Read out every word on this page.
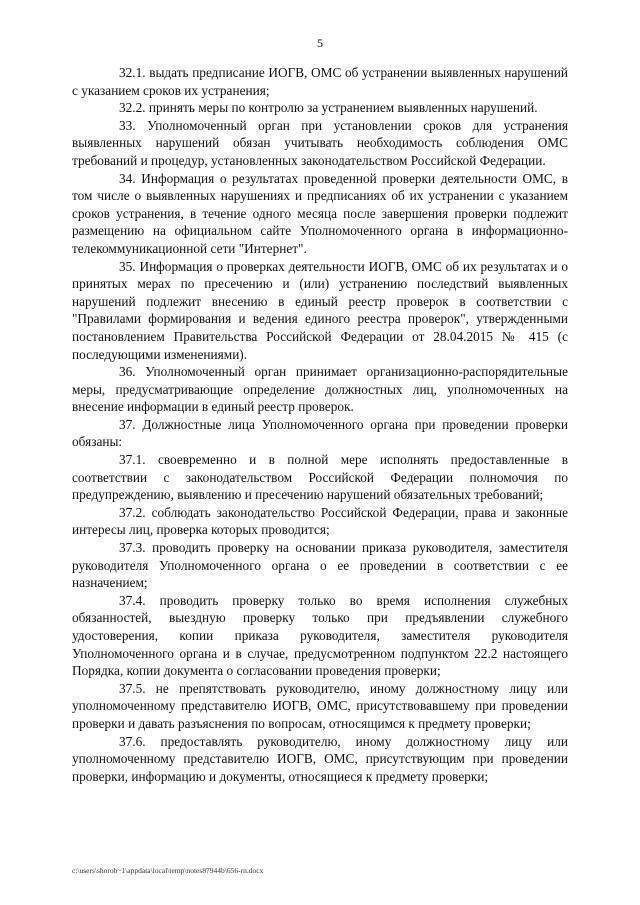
5

32.1. выдать предписание ИОГВ, ОМС об устранении выявленных нарушений с указанием сроков их устранения;

32.2. принять меры по контролю за устранением выявленных нарушений.

33. Уполномоченный орган при установлении сроков для устранения выявленных нарушений обязан учитывать необходимость соблюдения ОМС требований и процедур, установленных законодательством Российской Федерации.

34. Информация о результатах проведенной проверки деятельности ОМС, в том числе о выявленных нарушениях и предписаниях об их устранении с указанием сроков устранения, в течение одного месяца после завершения проверки подлежит размещению на официальном сайте Уполномоченного органа в информационно-телекоммуникационной сети "Интернет".

35. Информация о проверках деятельности ИОГВ, ОМС об их результатах и о принятых мерах по пресечению и (или) устранению последствий выявленных нарушений подлежит внесению в единый реестр проверок в соответствии с "Правилами формирования и ведения единого реестра проверок", утвержденными постановлением Правительства Российской Федерации от 28.04.2015 № 415 (с последующими изменениями).

36. Уполномоченный орган принимает организационно-распорядительные меры, предусматривающие определение должностных лиц, уполномоченных на внесение информации в единый реестр проверок.

37. Должностные лица Уполномоченного органа при проведении проверки обязаны:

37.1. своевременно и в полной мере исполнять предоставленные в соответствии с законодательством Российской Федерации полномочия по предупреждению, выявлению и пресечению нарушений обязательных требований;

37.2. соблюдать законодательство Российской Федерации, права и законные интересы лиц, проверка которых проводится;

37.3. проводить проверку на основании приказа руководителя, заместителя руководителя Уполномоченного органа о ее проведении в соответствии с ее назначением;

37.4. проводить проверку только во время исполнения служебных обязанностей, выездную проверку только при предъявлении служебного удостоверения, копии приказа руководителя, заместителя руководителя Уполномоченного органа и в случае, предусмотренном подпунктом 22.2 настоящего Порядка, копии документа о согласовании проведения проверки;

37.5. не препятствовать руководителю, иному должностному лицу или уполномоченному представителю ИОГВ, ОМС, присутствовавшему при проведении проверки и давать разъяснения по вопросам, относящимся к предмету проверки;

37.6. предоставлять руководителю, иному должностному лицу или уполномоченному представителю ИОГВ, ОМС, присутствующим при проведении проверки, информацию и документы, относящиеся к предмету проверки;

c:\users\shorob~1\appdata\local\temp\notes87944b\656-rn.docx
